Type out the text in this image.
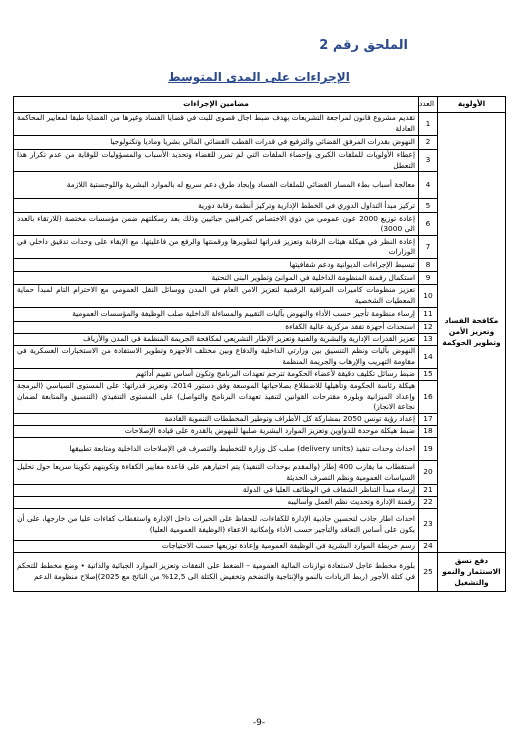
الملحق رقم 2
الإجراءات على المدى المتوسط
الأولوية	العدد	مضامين الإجراءات
مكافحة الفساد وتعزيز الأمن وتطوير الحوكمة	1	تقديم مشروع قانون لمراجعة التشريعات بهدف ضبط اجال قصوى للبت في قضايا الفساد وغيرها من القضايا طبقا لمعايير المحاكمة العادلة
	2	النهوض بقدرات المرفق القضائي والترفيع في قدرات القطب القضائي المالي بشريا وماديا وتكنولوجيا
	3	إعطاء الأولويات للملفات الكبرى وإحصاء الملفات التي لم تمرر للقضاء وتحديد الأسباب والمسؤوليات للوقاية من عدم تكرار هذا التعطل
	4	معالجة أسباب بطء المسار القضائي للملفات الفساد وإيجاد طرق دعم سريع له بالموارد البشرية واللوجستية اللازمة
	5	تركيز مبدأ التداول الدوري في الخطط الإدارية وتركيز أنظمة رقابة دورية
	6	إعادة توزيع 2000 عون عمومي من ذوي الاختصاص كمراقبين جبائيين وذلك بعد رسكلتهم ضمن مؤسسات مختصة (للارتقاء بالعدد الى 3000)
	7	إعادة النظر في هيكلة هيئات الرقابة وتعزيز قدراتها لتطويرها ورقمنتها والرفع من فاعليتها، مع الإبقاء على وحدات تدقيق داخلي في الوزارات
	8	تبسيط الإجراءات الديوانية ودعم شفافيتها
	9	استكمال رقمنة المنظومة الداخلية في الموانئ وتطوير البنى التحتية
	10	تعزيز منظومات كاميرات المراقبة الرقمية لتعزيز الامن العام في المدن ووسائل النقل العمومي مع الاحترام التام لمبدأ حماية المعطيات الشخصية
	11	إرساء منظومة تأجير حسب الأداء والنهوض بآليات التقييم والمساءلة الداخلية صلب الوظيفة والمؤسسات العمومية
	12	استحداث أجهزة تفقد مركزية عالية الكفاءة
	13	تعزيز القدرات الإدارية والبشرية والفنية وتعزيز الإطار التشريعي لمكافحة الجريمة المنظمة في المدن والأرياف
	14	النهوض بآليات ونظم التنسيق بين وزارتي الداخلية والدفاع وبين مختلف الأجهزة وتطوير الاستفادة من الاستخبارات العسكرية في مقاومة التهريب والإرهاب والجريمة المنظمة
	15	ضبط رسائل تكليف دقيقة لأعضاء الحكومة تترجم تعهدات البرنامج وتكون أساس تقييم أدائهم
	16	هيكلة رئاسة الحكومة وتأهيلها للاضطلاع بصلاحياتها الموسعة وفق دستور 2014، وتعزيز قدراتها: على المستوى السياسي (البرمجة وإعداد الميزانية وبلورة مقترحات القوانين لتنفيذ تعهدات البرنامج والتواصل) على المستوى التنفيذي (التنسيق والمتابعة لضمان نجاعة الانجاز)
	17	إعداد رؤية تونس 2050 بمشاركة كل الأطراف وتوطير المخططات التنموية القادمة
	18	ضبط هيكلة موحدة للدواوين وتعزيز الموارد البشرية صلبها للنهوض بالقدرة على قيادة الإصلاحات
	19	احداث وحدات تنفيذ (delivery units) صلب كل وزارة للتخطيط والتصرف في الإصلاحات الداخلية ومتابعة تطبيقها
	20	استقطاب ما يقارب 400 إطار (والمقدم بوحدات التنفيذ) يتم اختيارهم على قاعدة معايير الكفاءة وتكوينهم تكوينا سريعا حول تحليل السياسات العمومية ونظم التصرف الحديثة
	21	إرساء مبدأ التناظر الشفاف في الوظائف العليا في الدولة
	22	رقمنة الإدارة وتحديث نظم العمل وأساليبه
	23	احداث اطار جاذب لتحسين جاذبية الإدارة للكفاءات، للحفاظ على الخبرات داخل الإدارة واستقطاب كفاءات عليا من خارجها، على أن يكون على أساس التعاقد والتأجير حسب الأداء وإمكانية الاعفاء (الوظيفة العمومية العليا)
	24	رسم خريطة الموارد البشرية في الوظيفة العمومية وإعادة توزيعها حسب الاحتياجات
دفع نسق الاستثمار والنمو والتشغيل	25	بلورة مخطط عاجل لاستعادة توازنات المالية العمومية – الضغط على النفقات وتعزيز الموارد الجبائية والذاتية • وضع مخطط للتحكم في كتلة الأجور (ربط الزيادات بالنمو والإنتاجية والتضخم وتخفيض الكتلة الى 12,5% من الناتج مع 2025)إصلاح منظومة الدعم
-9-
